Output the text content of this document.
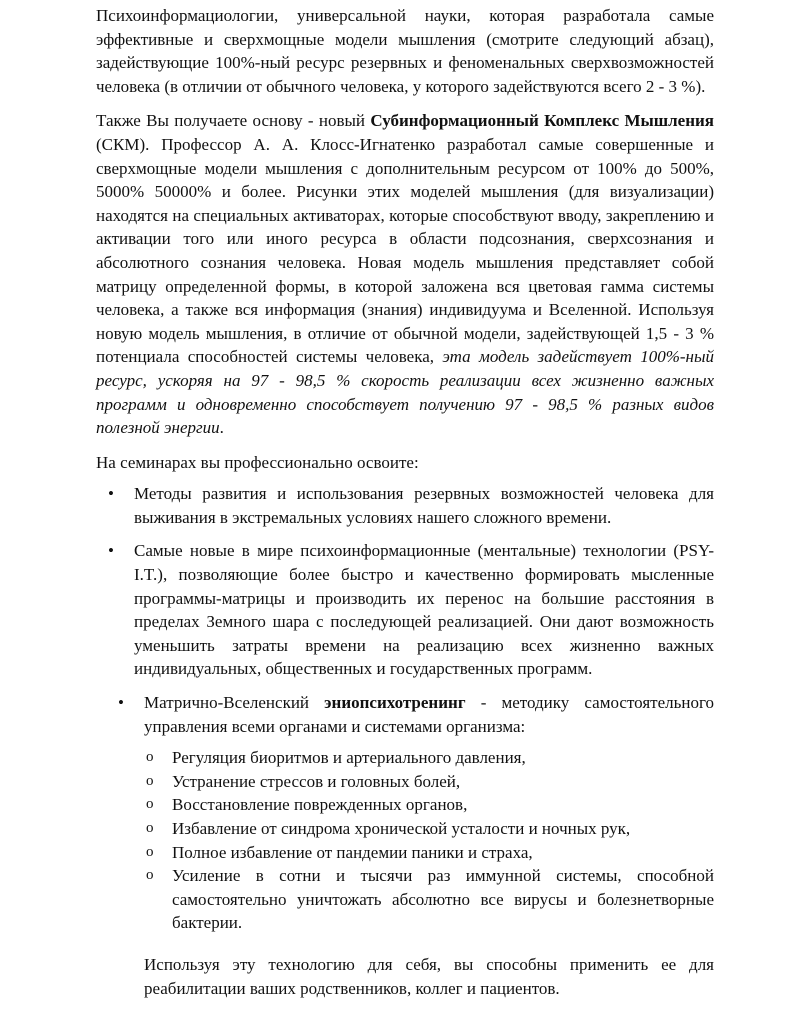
Психоинформациологии, универсальной науки, которая разработала самые эффективные и сверхмощные модели мышления (смотрите следующий абзац), задействующие 100%-ный ресурс резервных и феноменальных сверхвозможностей человека (в отличии от обычного человека, у которого задействуются всего 2 - 3 %).

Также Вы получаете основу - новый Субинформационный Комплекс Мышления (СКМ). Профессор А. А. Клосс-Игнатенко разработал самые совершенные и сверхмощные модели мышления с дополнительным ресурсом от 100% до 500%, 5000% 50000% и более. Рисунки этих моделей мышления (для визуализации) находятся на специальных активаторах, которые способствуют вводу, закреплению и активации того или иного ресурса в области подсознания, сверхсознания и абсолютного сознания человека. Новая модель мышления представляет собой матрицу определенной формы, в которой заложена вся цветовая гамма системы человека, а также вся информация (знания) индивидуума и Вселенной. Используя новую модель мышления, в отличие от обычной модели, задействующей 1,5 - 3 % потенциала способностей системы человека, эта модель задействует 100%-ный ресурс, ускоряя на 97 - 98,5 % скорость реализации всех жизненно важных программ и одновременно способствует получению 97 - 98,5 % разных видов полезной энергии.

На семинарах вы профессионально освоите:

• Методы развития и использования резервных возможностей человека для выживания в экстремальных условиях нашего сложного времени.
• Самые новые в мире психоинформационные (ментальные) технологии (PSY-I.T.), позволяющие более быстро и качественно формировать мысленные программы-матрицы и производить их перенос на большие расстояния в пределах Земного шара с последующей реализацией. Они дают возможность уменьшить затраты времени на реализацию всех жизненно важных индивидуальных, общественных и государственных программ.
• Матрично-Вселенский эниопсихотренинг - методику самостоятельного управления всеми органами и системами организма:
o Регуляция биоритмов и артериального давления,
o Устранение стрессов и головных болей,
o Восстановление поврежденных органов,
o Избавление от синдрома хронической усталости и ночных рук,
o Полное избавление от пандемии паники и страха,
o Усиление в сотни и тысячи раз иммунной системы, способной самостоятельно уничтожать абсолютно все вирусы и болезнетворные бактерии.

Используя эту технологию для себя, вы способны применить ее для реабилитации ваших родственников, коллег и пациентов.
